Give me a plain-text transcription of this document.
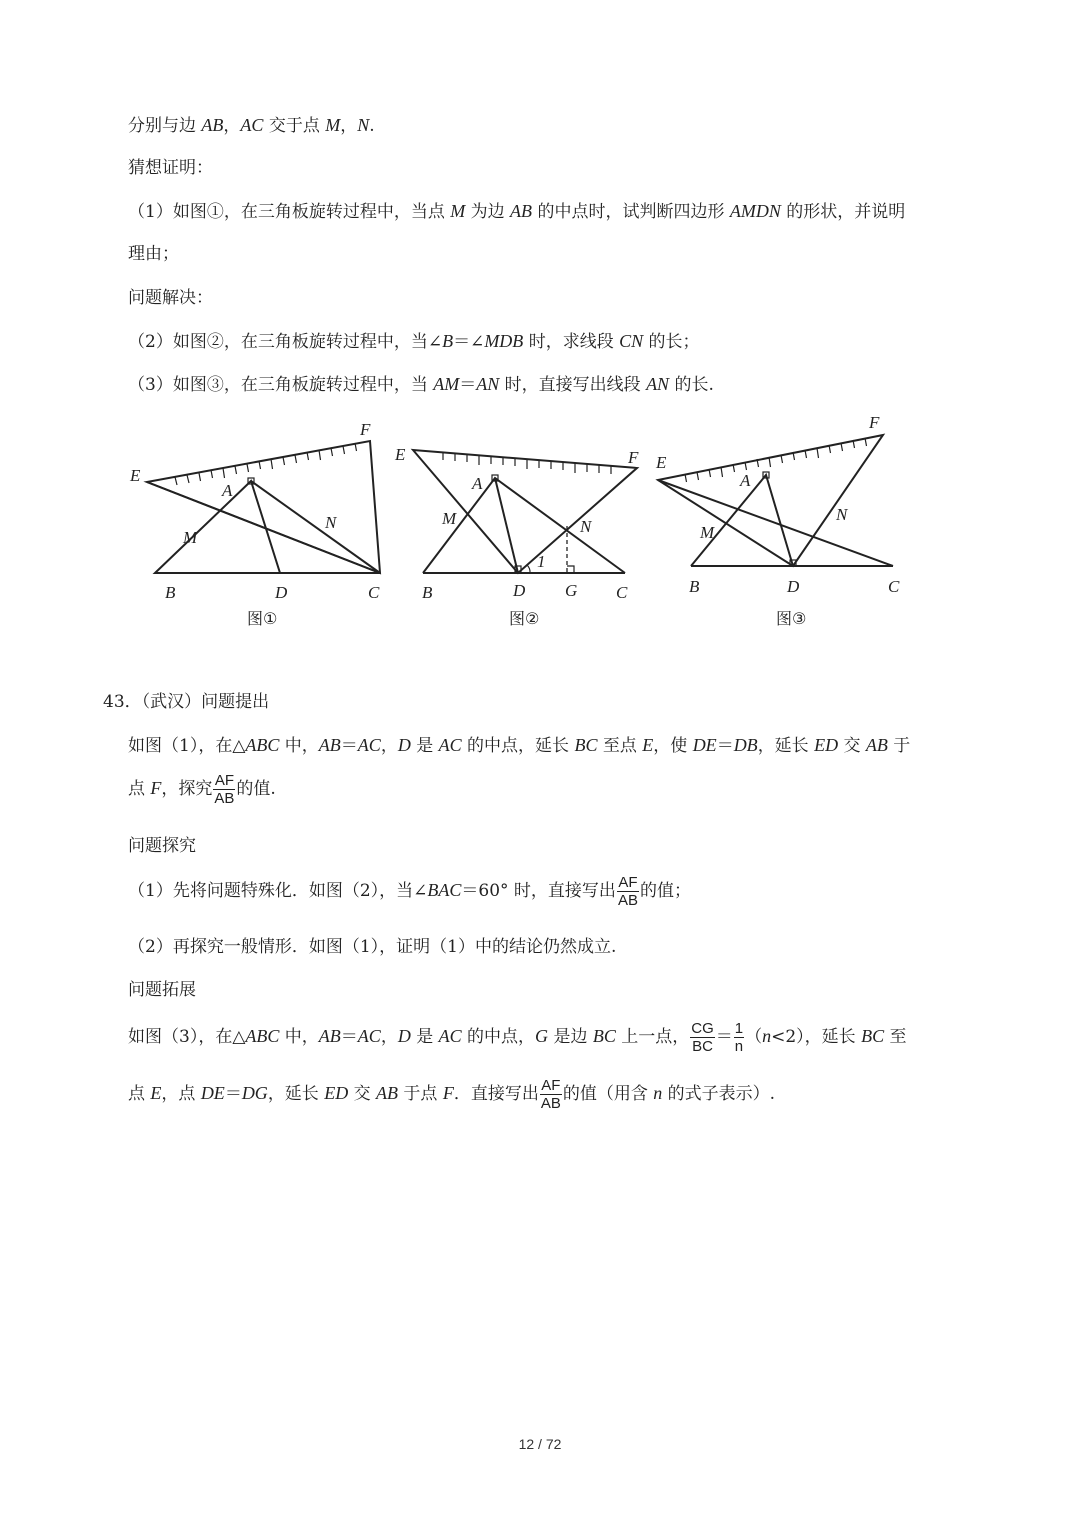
分别与边 AB，AC 交于点 M，N.
猜想证明：
（1）如图①，在三角板旋转过程中，当点 M 为边 AB 的中点时，试判断四边形 AMDN 的形状，并说明
理由；
问题解决：
（2）如图②，在三角板旋转过程中，当∠B＝∠MDB 时，求线段 CN 的长；
（3）如图③，在三角板旋转过程中，当 AM＝AN 时，直接写出线段 AN 的长.
E
F
A
M
N
B	D	C
图①
E	F
A
M	N
1
B	D G C
图②
E
F
A
M
N
B	D	C
图③
43．（武汉）问题提出
如图（1），在△ABC 中，AB＝AC，D 是 AC 的中点，延长 BC 至点 E，使 DE＝DB，延长 ED 交 AB 于
点 F，探究 $\frac{AF}{AB}$ 的值.
问题探究
（1）先将问题特殊化．如图（2），当∠BAC＝60° 时，直接写出 $\frac{AF}{AB}$ 的值；
（2）再探究一般情形．如图（1），证明（1）中的结论仍然成立.
问题拓展
如图（3），在△ABC 中，AB＝AC，D 是 AC 的中点，G 是边 BC 上一点， $\frac{CG}{BC} = \frac{1}{n} (n<2)$，延长 BC 至
点 E，点 DE＝DG，延长 ED 交 AB 于点 F．直接写出 $\frac{AF}{AB}$ 的值（用含 n 的式子表示）.
12 / 72
